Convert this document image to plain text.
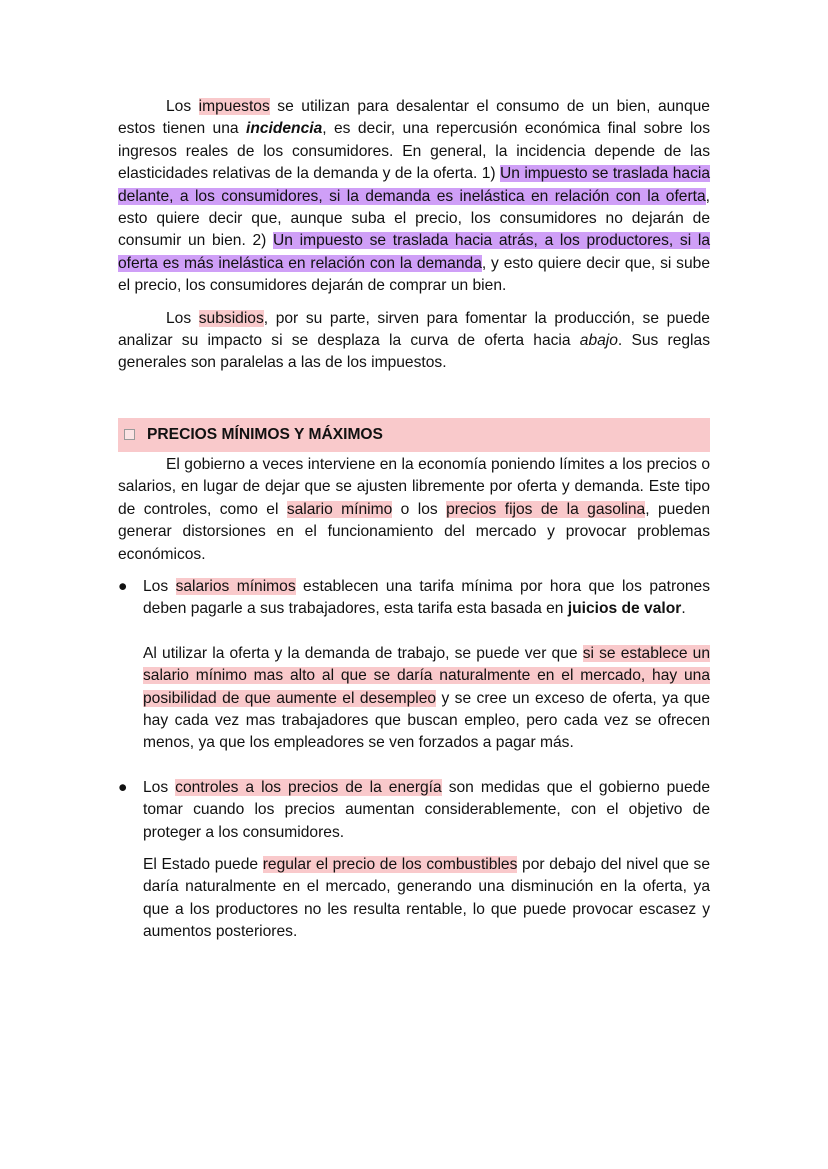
Los impuestos se utilizan para desalentar el consumo de un bien, aunque estos tienen una incidencia, es decir, una repercusión económica final sobre los ingresos reales de los consumidores. En general, la incidencia depende de las elasticidades relativas de la demanda y de la oferta. 1) Un impuesto se traslada hacia delante, a los consumidores, si la demanda es inelástica en relación con la oferta, esto quiere decir que, aunque suba el precio, los consumidores no dejarán de consumir un bien. 2) Un impuesto se traslada hacia atrás, a los productores, si la oferta es más inelástica en relación con la demanda, y esto quiere decir que, si sube el precio, los consumidores dejarán de comprar un bien.

Los subsidios, por su parte, sirven para fomentar la producción, se puede analizar su impacto si se desplaza la curva de oferta hacia abajo. Sus reglas generales son paralelas a las de los impuestos.

PRECIOS MÍNIMOS Y MÁXIMOS

El gobierno a veces interviene en la economía poniendo límites a los precios o salarios, en lugar de dejar que se ajusten libremente por oferta y demanda. Este tipo de controles, como el salario mínimo o los precios fijos de la gasolina, pueden generar distorsiones en el funcionamiento del mercado y provocar problemas económicos.

● Los salarios mínimos establecen una tarifa mínima por hora que los patrones deben pagarle a sus trabajadores, esta tarifa esta basada en juicios de valor.

Al utilizar la oferta y la demanda de trabajo, se puede ver que si se establece un salario mínimo mas alto al que se daría naturalmente en el mercado, hay una posibilidad de que aumente el desempleo y se cree un exceso de oferta, ya que hay cada vez mas trabajadores que buscan empleo, pero cada vez se ofrecen menos, ya que los empleadores se ven forzados a pagar más.

● Los controles a los precios de la energía son medidas que el gobierno puede tomar cuando los precios aumentan considerablemente, con el objetivo de proteger a los consumidores.

El Estado puede regular el precio de los combustibles por debajo del nivel que se daría naturalmente en el mercado, generando una disminución en la oferta, ya que a los productores no les resulta rentable, lo que puede provocar escasez y aumentos posteriores.
